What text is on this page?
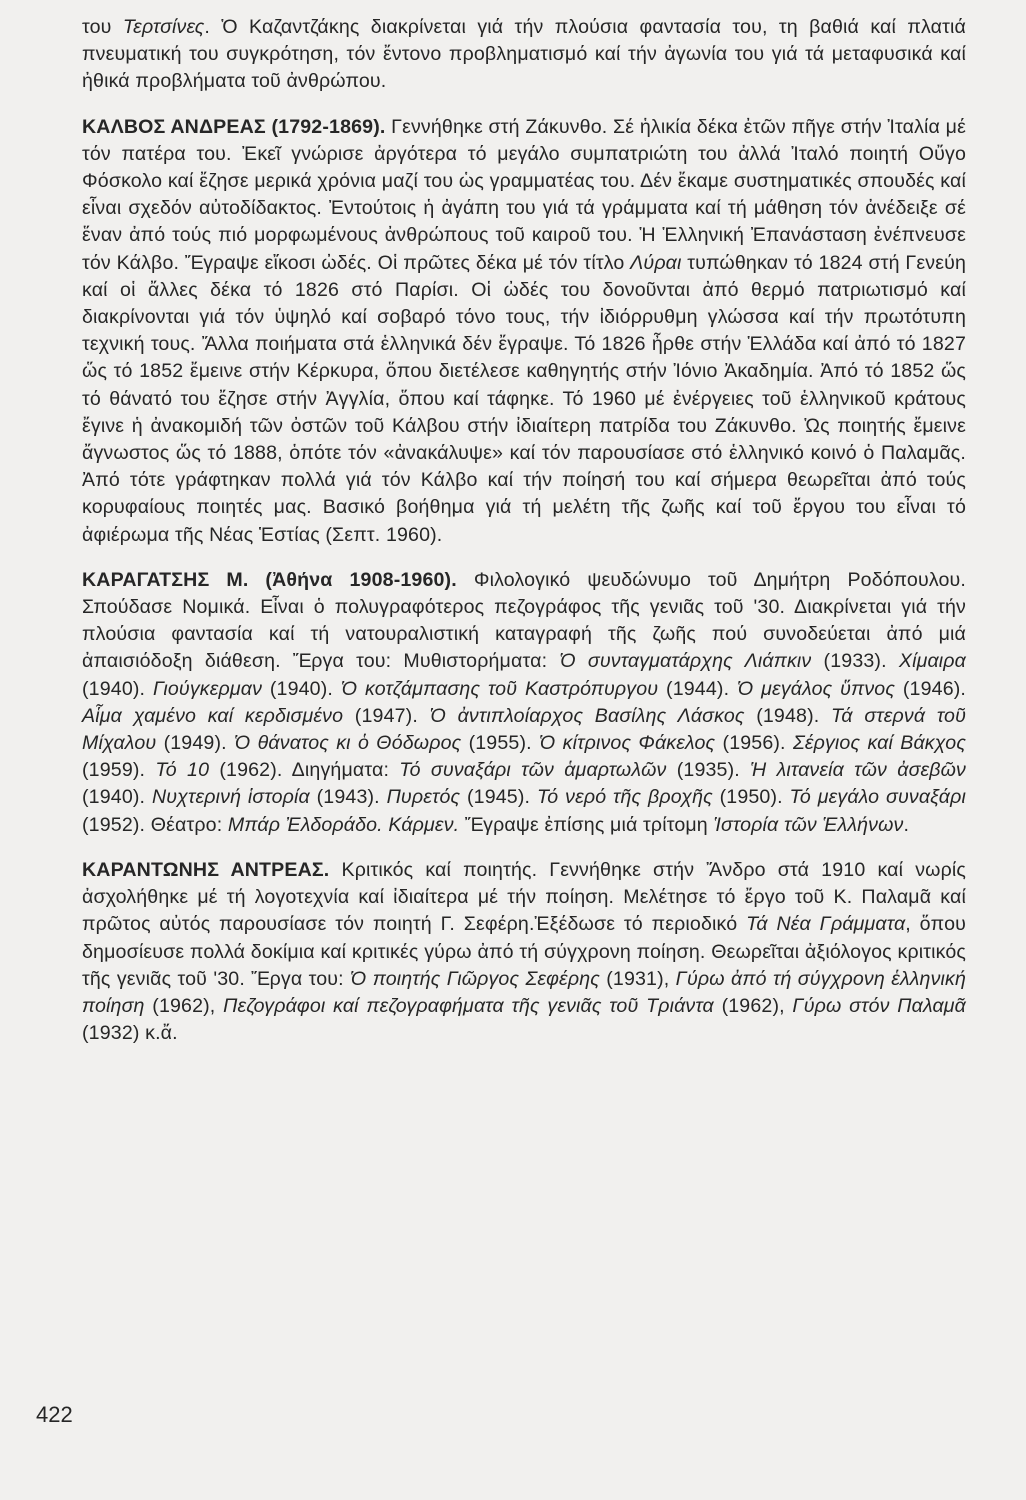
του Τερτσίνες. Ὁ Καζαντζάκης διακρίνεται γιά τήν πλούσια φαντασία του, τη βαθιά καί πλατιά πνευματική του συγκρότηση, τόν ἔντονο προβληματισμό καί τήν ἀγωνία του γιά τά μεταφυσικά καί ἠθικά προβλήματα τοῦ ἀνθρώπου.

ΚΑΛΒΟΣ ΑΝΔΡΕΑΣ (1792-1869). Γεννήθηκε στή Ζάκυνθο. Σέ ἡλικία δέκα ἐτῶν πῆγε στήν Ἰταλία μέ τόν πατέρα του. Ἐκεῖ γνώρισε ἀργότερα τό μεγάλο συμπατριώτη του ἀλλά Ἰταλό ποιητή Οὔγο Φόσκολο καί ἔζησε μερικά χρόνια μαζί του ὡς γραμματέας του. Δέν ἔκαμε συστηματικές σπουδές καί εἶναι σχεδόν αὐτοδίδακτος. Ἐντούτοις ἡ ἀγάπη του γιά τά γράμματα καί τή μάθηση τόν ἀνέδειξε σέ ἕναν ἀπό τούς πιό μορφωμένους ἀνθρώπους τοῦ καιροῦ του. Ἡ Ἑλληνική Ἐπανάσταση ἐνέπνευσε τόν Κάλβο. Ἔγραψε εἴκοσι ὠδές. Οἱ πρῶτες δέκα μέ τόν τίτλο Λύραι τυπώθηκαν τό 1824 στή Γενεύη καί οἱ ἄλλες δέκα τό 1826 στό Παρίσι. Οἱ ὠδές του δονοῦνται ἀπό θερμό πατριωτισμό καί διακρίνονται γιά τόν ὑψηλό καί σοβαρό τόνο τους, τήν ἰδιόρρυθμη γλώσσα καί τήν πρωτότυπη τεχνική τους. Ἄλλα ποιήματα στά ἑλληνικά δέν ἔγραψε. Τό 1826 ἦρθε στήν Ἑλλάδα καί ἀπό τό 1827 ὥς τό 1852 ἔμεινε στήν Κέρκυρα, ὅπου διετέλεσε καθηγητής στήν Ἰόνιο Ἀκαδημία. Ἀπό τό 1852 ὥς τό θάνατό του ἔζησε στήν Ἀγγλία, ὅπου καί τάφηκε. Τό 1960 μέ ἐνέργειες τοῦ ἑλληνικοῦ κράτους ἔγινε ἡ ἀνακομιδή τῶν ὀστῶν τοῦ Κάλβου στήν ἰδιαίτερη πατρίδα του Ζάκυνθο. Ὡς ποιητής ἔμεινε ἄγνωστος ὥς τό 1888, ὁπότε τόν «ἀνακάλυψε» καί τόν παρουσίασε στό ἑλληνικό κοινό ὁ Παλαμᾶς. Ἀπό τότε γράφτηκαν πολλά γιά τόν Κάλβο καί τήν ποίησή του καί σήμερα θεωρεῖται ἀπό τούς κορυφαίους ποιητές μας. Βασικό βοήθημα γιά τή μελέτη τῆς ζωῆς καί τοῦ ἔργου του εἶναι τό ἀφιέρωμα τῆς Νέας Ἑστίας (Σεπτ. 1960).

ΚΑΡΑΓΑΤΣΗΣ Μ. (Ἀθήνα 1908-1960). Φιλολογικό ψευδώνυμο τοῦ Δημήτρη Ροδόπουλου. Σπούδασε Νομικά. Εἶναι ὁ πολυγραφότερος πεζογράφος τῆς γενιᾶς τοῦ '30. Διακρίνεται γιά τήν πλούσια φαντασία καί τή νατουραλιστική καταγραφή τῆς ζωῆς πού συνοδεύεται ἀπό μιά ἀπαισιόδοξη διάθεση. Ἔργα του: Μυθιστορήματα: Ὁ συνταγματάρχης Λιάπκιν (1933). Χίμαιρα (1940). Γιούγκερμαν (1940). Ὁ κοτζάμπασης τοῦ Καστρόπυργου (1944). Ὁ μεγάλος ὕπνος (1946). Αἷμα χαμένο καί κερδισμένο (1947). Ὁ ἀντιπλοίαρχος Βασίλης Λάσκος (1948). Τά στερνά τοῦ Μίχαλου (1949). Ὁ θάνατος κι ὁ Θόδωρος (1955). Ὁ κίτρινος Φάκελος (1956). Σέργιος καί Βάκχος (1959). Τό 10 (1962). Διηγήματα: Τό συναξάρι τῶν ἁμαρτωλῶν (1935). Ἡ λιτανεία τῶν ἀσεβῶν (1940). Νυχτερινή ἱστορία (1943). Πυρετός (1945). Τό νερό τῆς βροχῆς (1950). Τό μεγάλο συναξάρι (1952). Θέατρο: Μπάρ Ἐλδοράδο. Κάρμεν. Ἔγραψε ἐπίσης μιά τρίτομη Ἱστορία τῶν Ἑλλήνων.

ΚΑΡΑΝΤΩΝΗΣ ΑΝΤΡΕΑΣ. Κριτικός καί ποιητής. Γεννήθηκε στήν Ἄνδρο στά 1910 καί νωρίς ἀσχολήθηκε μέ τή λογοτεχνία καί ἰδιαίτερα μέ τήν ποίηση. Μελέτησε τό ἔργο τοῦ Κ. Παλαμᾶ καί πρῶτος αὐτός παρουσίασε τόν ποιητή Γ. Σεφέρη.Ἐξέδωσε τό περιοδικό Τά Νέα Γράμματα, ὅπου δημοσίευσε πολλά δοκίμια καί κριτικές γύρω ἀπό τή σύγχρονη ποίηση. Θεωρεῖται ἀξιόλογος κριτικός τῆς γενιᾶς τοῦ '30. Ἔργα του: Ὁ ποιητής Γιῶργος Σεφέρης (1931), Γύρω ἀπό τή σύγχρονη ἑλληνική ποίηση (1962), Πεζογράφοι καί πεζογραφήματα τῆς γενιᾶς τοῦ Τριάντα (1962), Γύρω στόν Παλαμᾶ (1932) κ.ἄ.

422
